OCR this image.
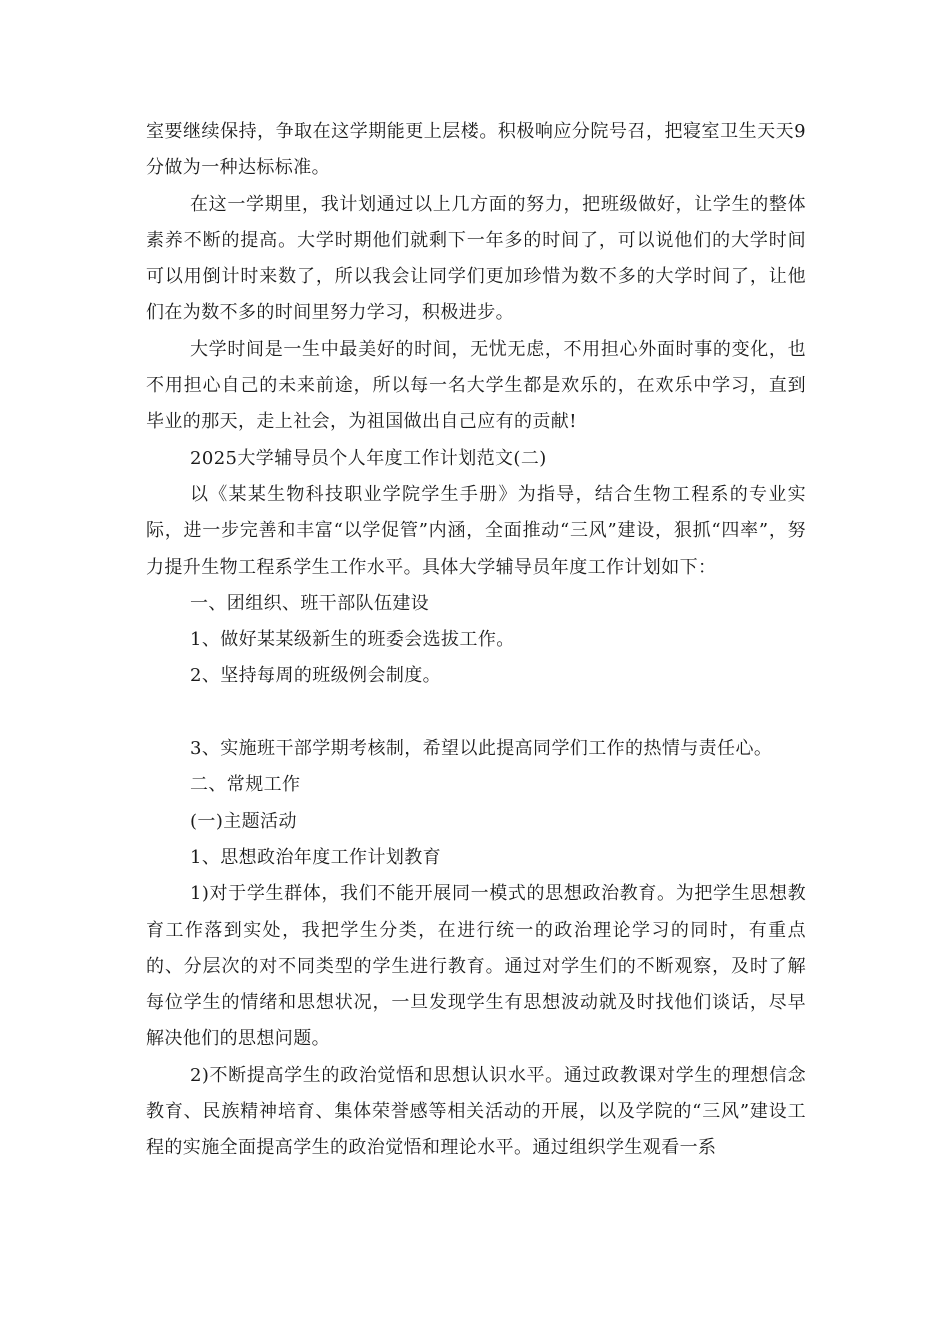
室要继续保持，争取在这学期能更上层楼。积极响应分院号召，把寝室卫生天天9分做为一种达标标准。

在这一学期里，我计划通过以上几方面的努力，把班级做好，让学生的整体素养不断的提高。大学时期他们就剩下一年多的时间了，可以说他们的大学时间可以用倒计时来数了，所以我会让同学们更加珍惜为数不多的大学时间了，让他们在为数不多的时间里努力学习，积极进步。

大学时间是一生中最美好的时间，无忧无虑，不用担心外面时事的变化，也不用担心自己的未来前途，所以每一名大学生都是欢乐的，在欢乐中学习，直到毕业的那天，走上社会，为祖国做出自己应有的贡献!

2025大学辅导员个人年度工作计划范文(二)

以《某某生物科技职业学院学生手册》为指导，结合生物工程系的专业实际，进一步完善和丰富“以学促管”内涵，全面推动“三风”建设，狠抓“四率”，努力提升生物工程系学生工作水平。具体大学辅导员年度工作计划如下：

一、团组织、班干部队伍建设

1、做好某某级新生的班委会选拔工作。

2、坚持每周的班级例会制度。

3、实施班干部学期考核制，希望以此提高同学们工作的热情与责任心。

二、常规工作

(一)主题活动

1、思想政治年度工作计划教育

1)对于学生群体，我们不能开展同一模式的思想政治教育。为把学生思想教育工作落到实处，我把学生分类，在进行统一的政治理论学习的同时，有重点的、分层次的对不同类型的学生进行教育。通过对学生们的不断观察，及时了解每位学生的情绪和思想状况，一旦发现学生有思想波动就及时找他们谈话，尽早解决他们的思想问题。

2)不断提高学生的政治觉悟和思想认识水平。通过政教课对学生的理想信念教育、民族精神培育、集体荣誉感等相关活动的开展，以及学院的“三风”建设工程的实施全面提高学生的政治觉悟和理论水平。通过组织学生观看一系
